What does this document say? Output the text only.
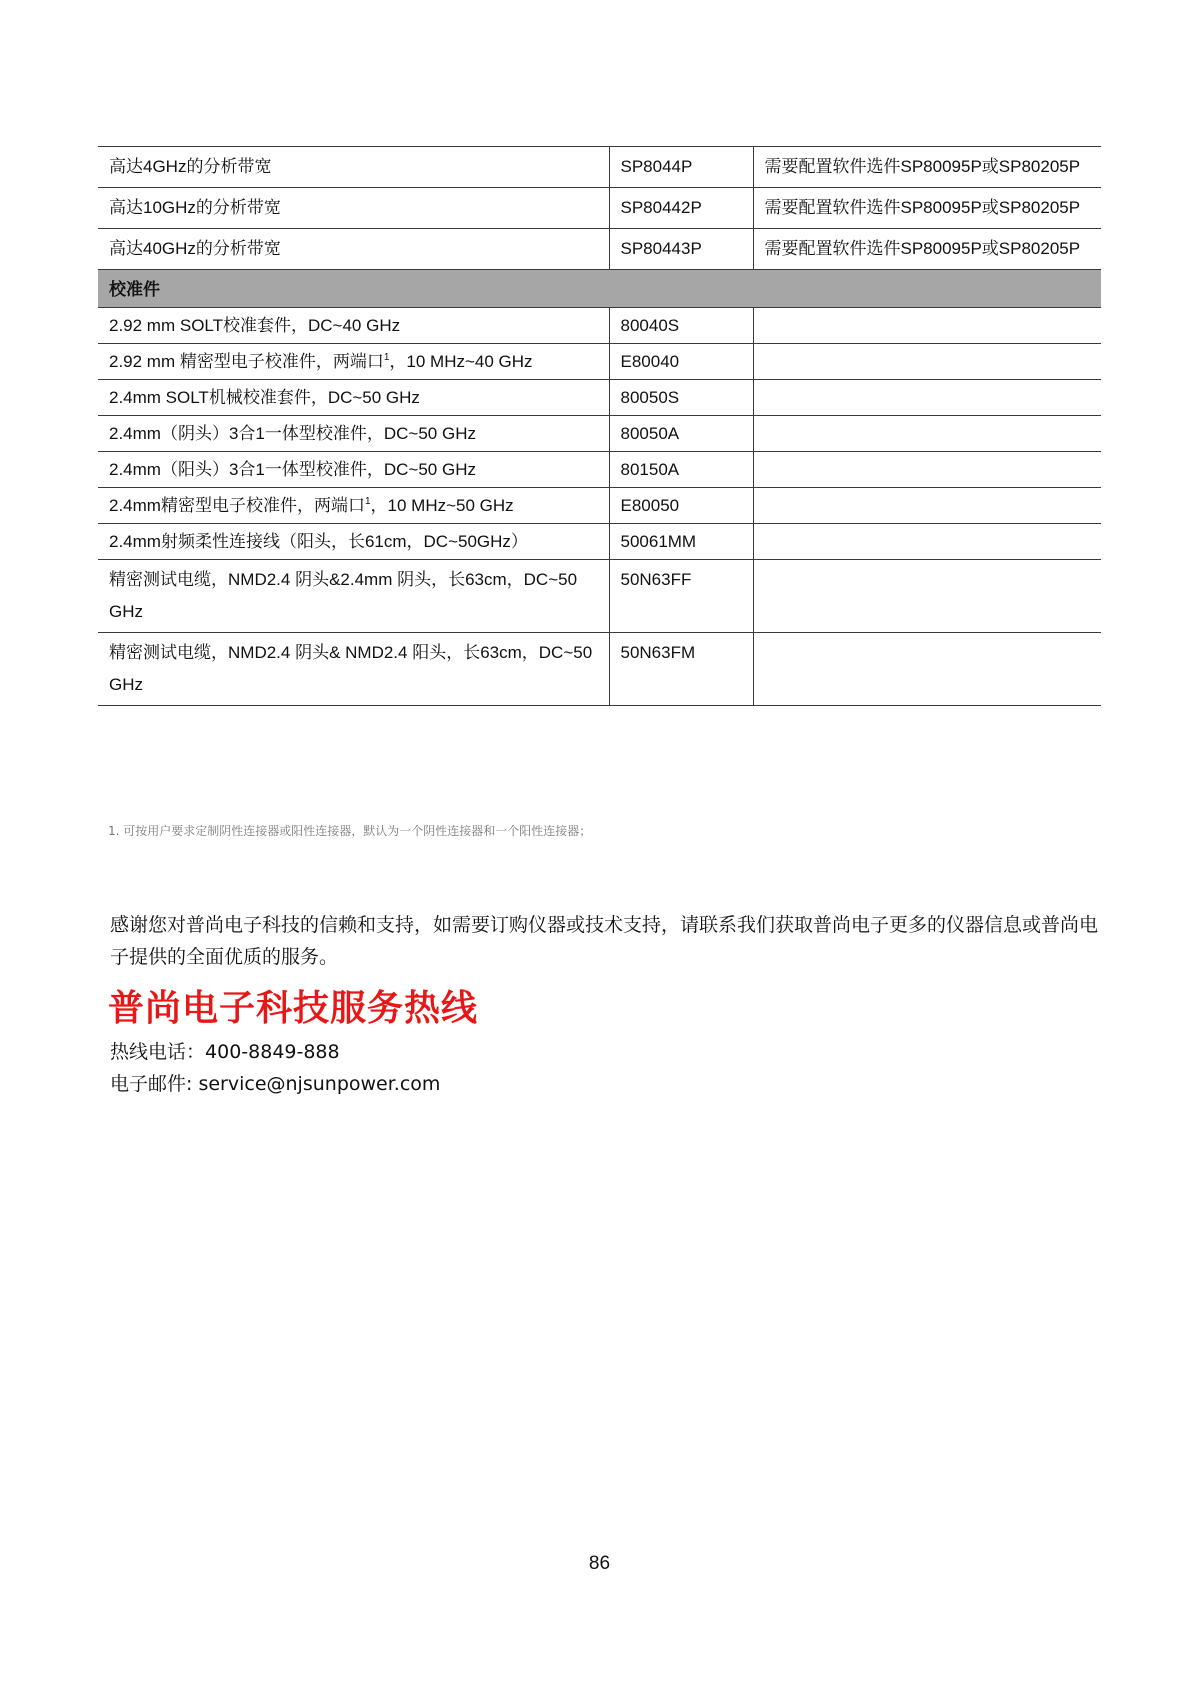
高达4GHz的分析带宽	SP8044P	需要配置软件选件SP80095P或SP80205P
高达10GHz的分析带宽	SP80442P	需要配置软件选件SP80095P或SP80205P
高达40GHz的分析带宽	SP80443P	需要配置软件选件SP80095P或SP80205P
校准件		
2.92 mm SOLT校准套件，DC~40 GHz	80040S	
2.92 mm 精密型电子校准件，两端口$^1$，10 MHz~40 GHz	E80040	
2.4mm SOLT机械校准套件，DC~50 GHz	80050S	
2.4mm（阴头）3合1一体型校准件，DC~50 GHz	80050A	
2.4mm（阳头）3合1一体型校准件，DC~50 GHz	80150A	
2.4mm精密型电子校准件，两端口$^1$，10 MHz~50 GHz	E80050	
2.4mm射频柔性连接线（阳头，长61cm，DC~50GHz）	50061MM	
精密测试电缆，NMD2.4 阴头&2.4mm 阴头，长63cm，DC~50 GHz	50N63FF	
精密测试电缆，NMD2.4 阴头& NMD2.4 阳头，长63cm，DC~50 GHz	50N63FM	
1. 可按用户要求定制阴性连接器或阳性连接器，默认为一个阴性连接器和一个阳性连接器；
感谢您对普尚电子科技的信赖和支持，如需要订购仪器或技术支持，请联系我们获取普尚电子更多的仪器信息或普尚电子提供的全面优质的服务。
普尚电子科技服务热线
热线电话：400-8849-888
电子邮件: service@njsunpower.com
86
